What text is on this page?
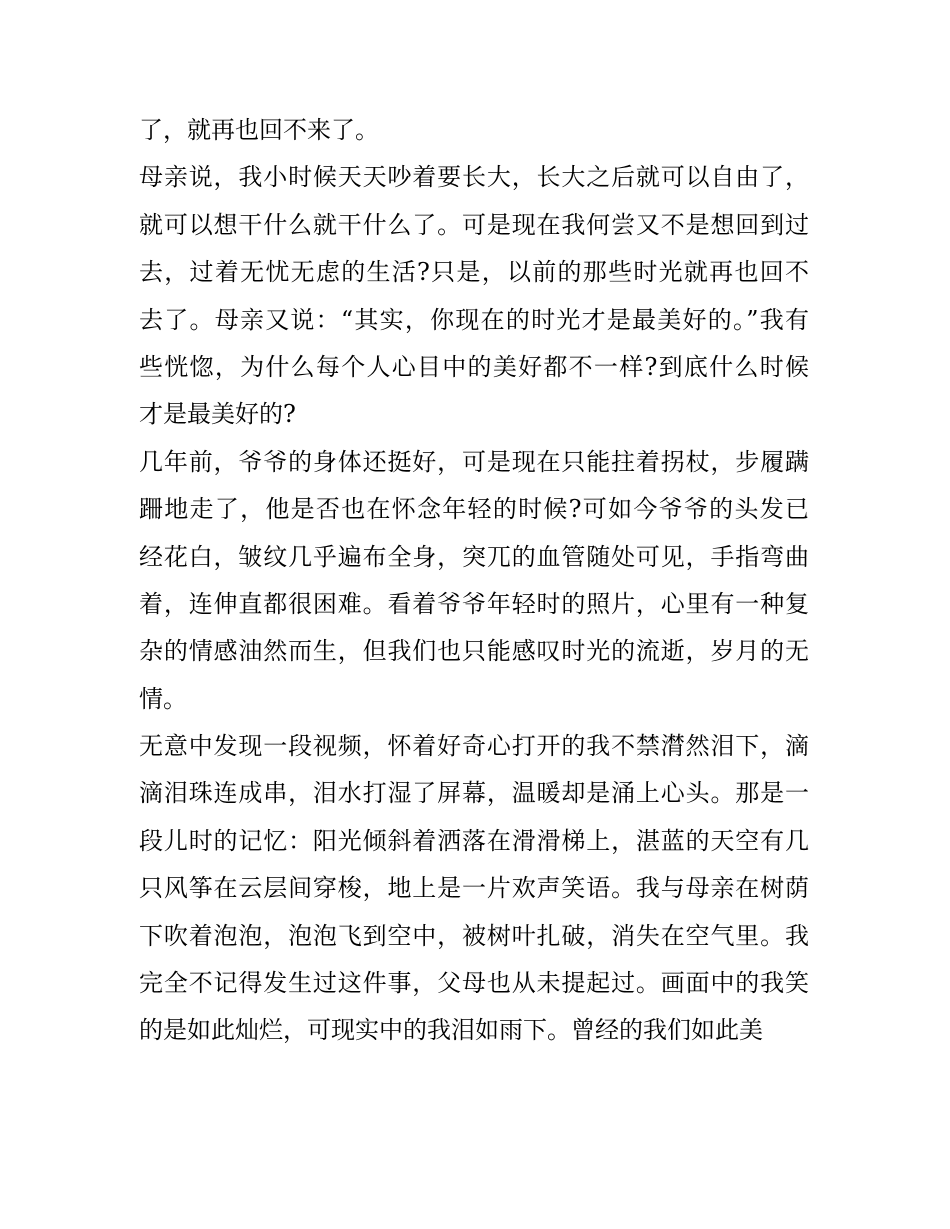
了，就再也回不来了。

母亲说，我小时候天天吵着要长大，长大之后就可以自由了，

就可以想干什么就干什么了。可是现在我何尝又不是想回到过

去，过着无忧无虑的生活?只是，以前的那些时光就再也回不

去了。母亲又说：“其实，你现在的时光才是最美好的。”我有

些恍惚，为什么每个人心目中的美好都不一样?到底什么时候

才是最美好的?

几年前，爷爷的身体还挺好，可是现在只能拄着拐杖，步履蹒

跚地走了，他是否也在怀念年轻的时候?可如今爷爷的头发已

经花白，皱纹几乎遍布全身，突兀的血管随处可见，手指弯曲

着，连伸直都很困难。看着爷爷年轻时的照片，心里有一种复

杂的情感油然而生，但我们也只能感叹时光的流逝，岁月的无

情。

无意中发现一段视频，怀着好奇心打开的我不禁潸然泪下，滴

滴泪珠连成串，泪水打湿了屏幕，温暖却是涌上心头。那是一

段儿时的记忆：阳光倾斜着洒落在滑滑梯上，湛蓝的天空有几

只风筝在云层间穿梭，地上是一片欢声笑语。我与母亲在树荫

下吹着泡泡，泡泡飞到空中，被树叶扎破，消失在空气里。我

完全不记得发生过这件事，父母也从未提起过。画面中的我笑

的是如此灿烂，可现实中的我泪如雨下。曾经的我们如此美
